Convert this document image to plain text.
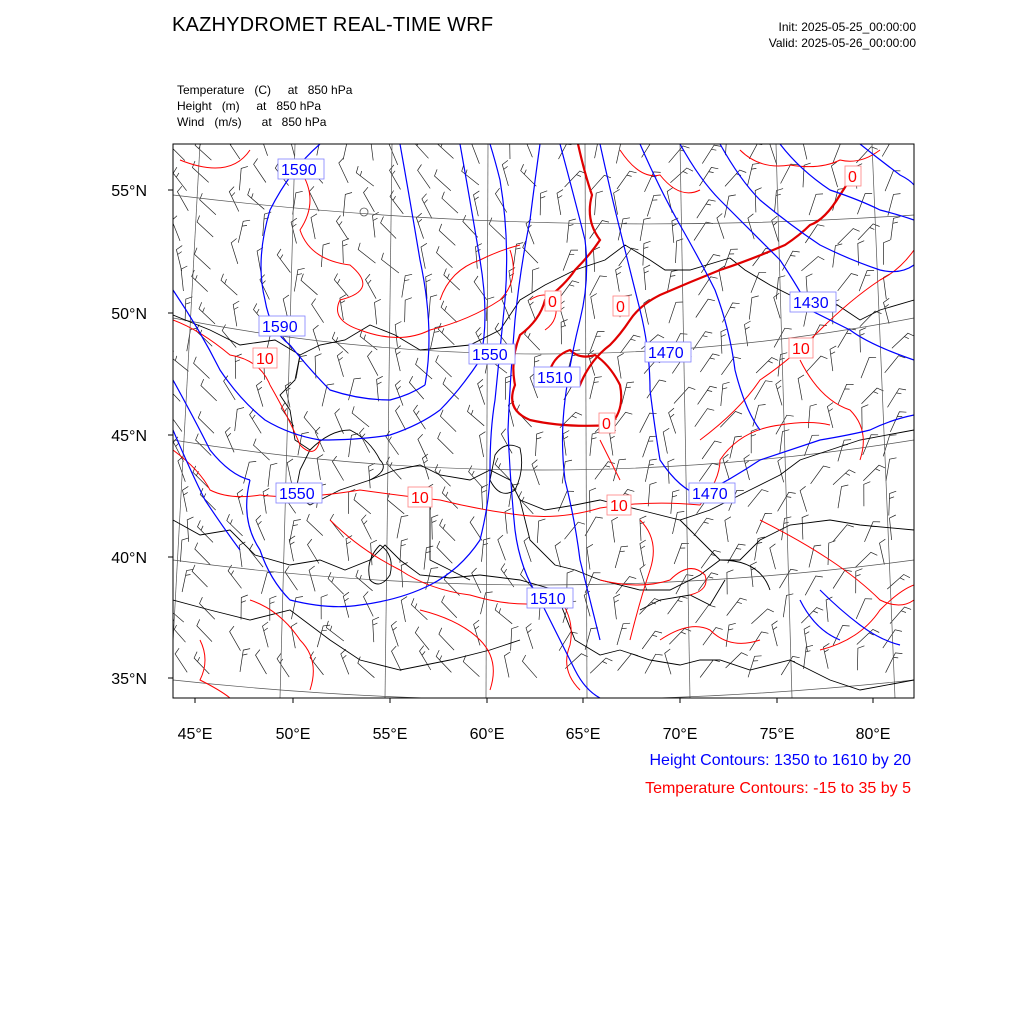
KAZHYDROMET REAL-TIME WRF	Init: 2025-05-25_00:00:00
Valid: 2025-05-26_00:00:00
Temperature   (C)     at   850 hPa
Height   (m)     at   850 hPa
Wind   (m/s)      at   850 hPa
55°N
50°N
45°N
40°N
35°N
45°E	50°E	55°E	60°E	65°E	70°E	75°E	80°E
1590
1590
1550
1550
1510
1510
1470
1470
1430
10
10	10
10
0	0
0
0
Height Contours: 1350 to 1610 by 20
Temperature Contours: -15 to 35 by 5
